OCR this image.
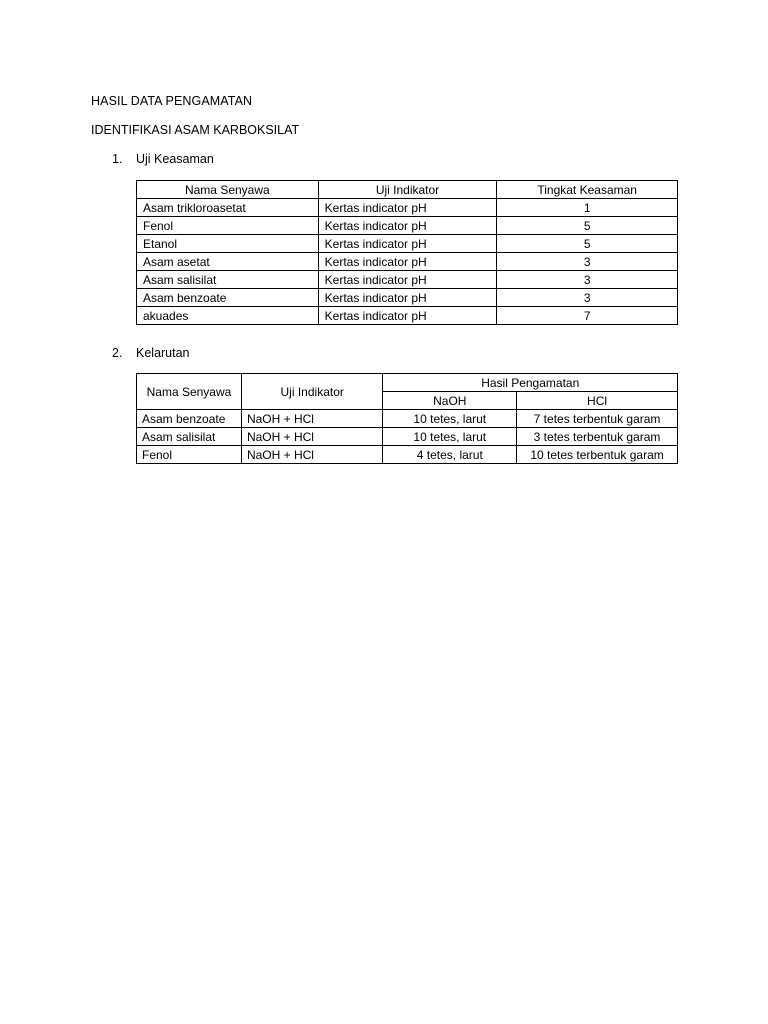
HASIL DATA PENGAMATAN
IDENTIFIKASI ASAM KARBOKSILAT
1.	Uji Keasaman
Nama Senyawa	Uji Indikator	Tingkat Keasaman
Asam trikloroasetat	Kertas indicator pH	1
Fenol	Kertas indicator pH	5
Etanol	Kertas indicator pH	5
Asam asetat	Kertas indicator pH	3
Asam salisilat	Kertas indicator pH	3
Asam benzoate	Kertas indicator pH	3
akuades	Kertas indicator pH	7
2.	Kelarutan
Nama Senyawa	Uji Indikator	Hasil Pengamatan	
		NaOH	HCl
Asam benzoate	NaOH + HCl	10 tetes, larut	7 tetes terbentuk garam
Asam salisilat	NaOH + HCl	10 tetes, larut	3 tetes terbentuk garam
Fenol	NaOH + HCl	4 tetes, larut	10 tetes terbentuk garam
